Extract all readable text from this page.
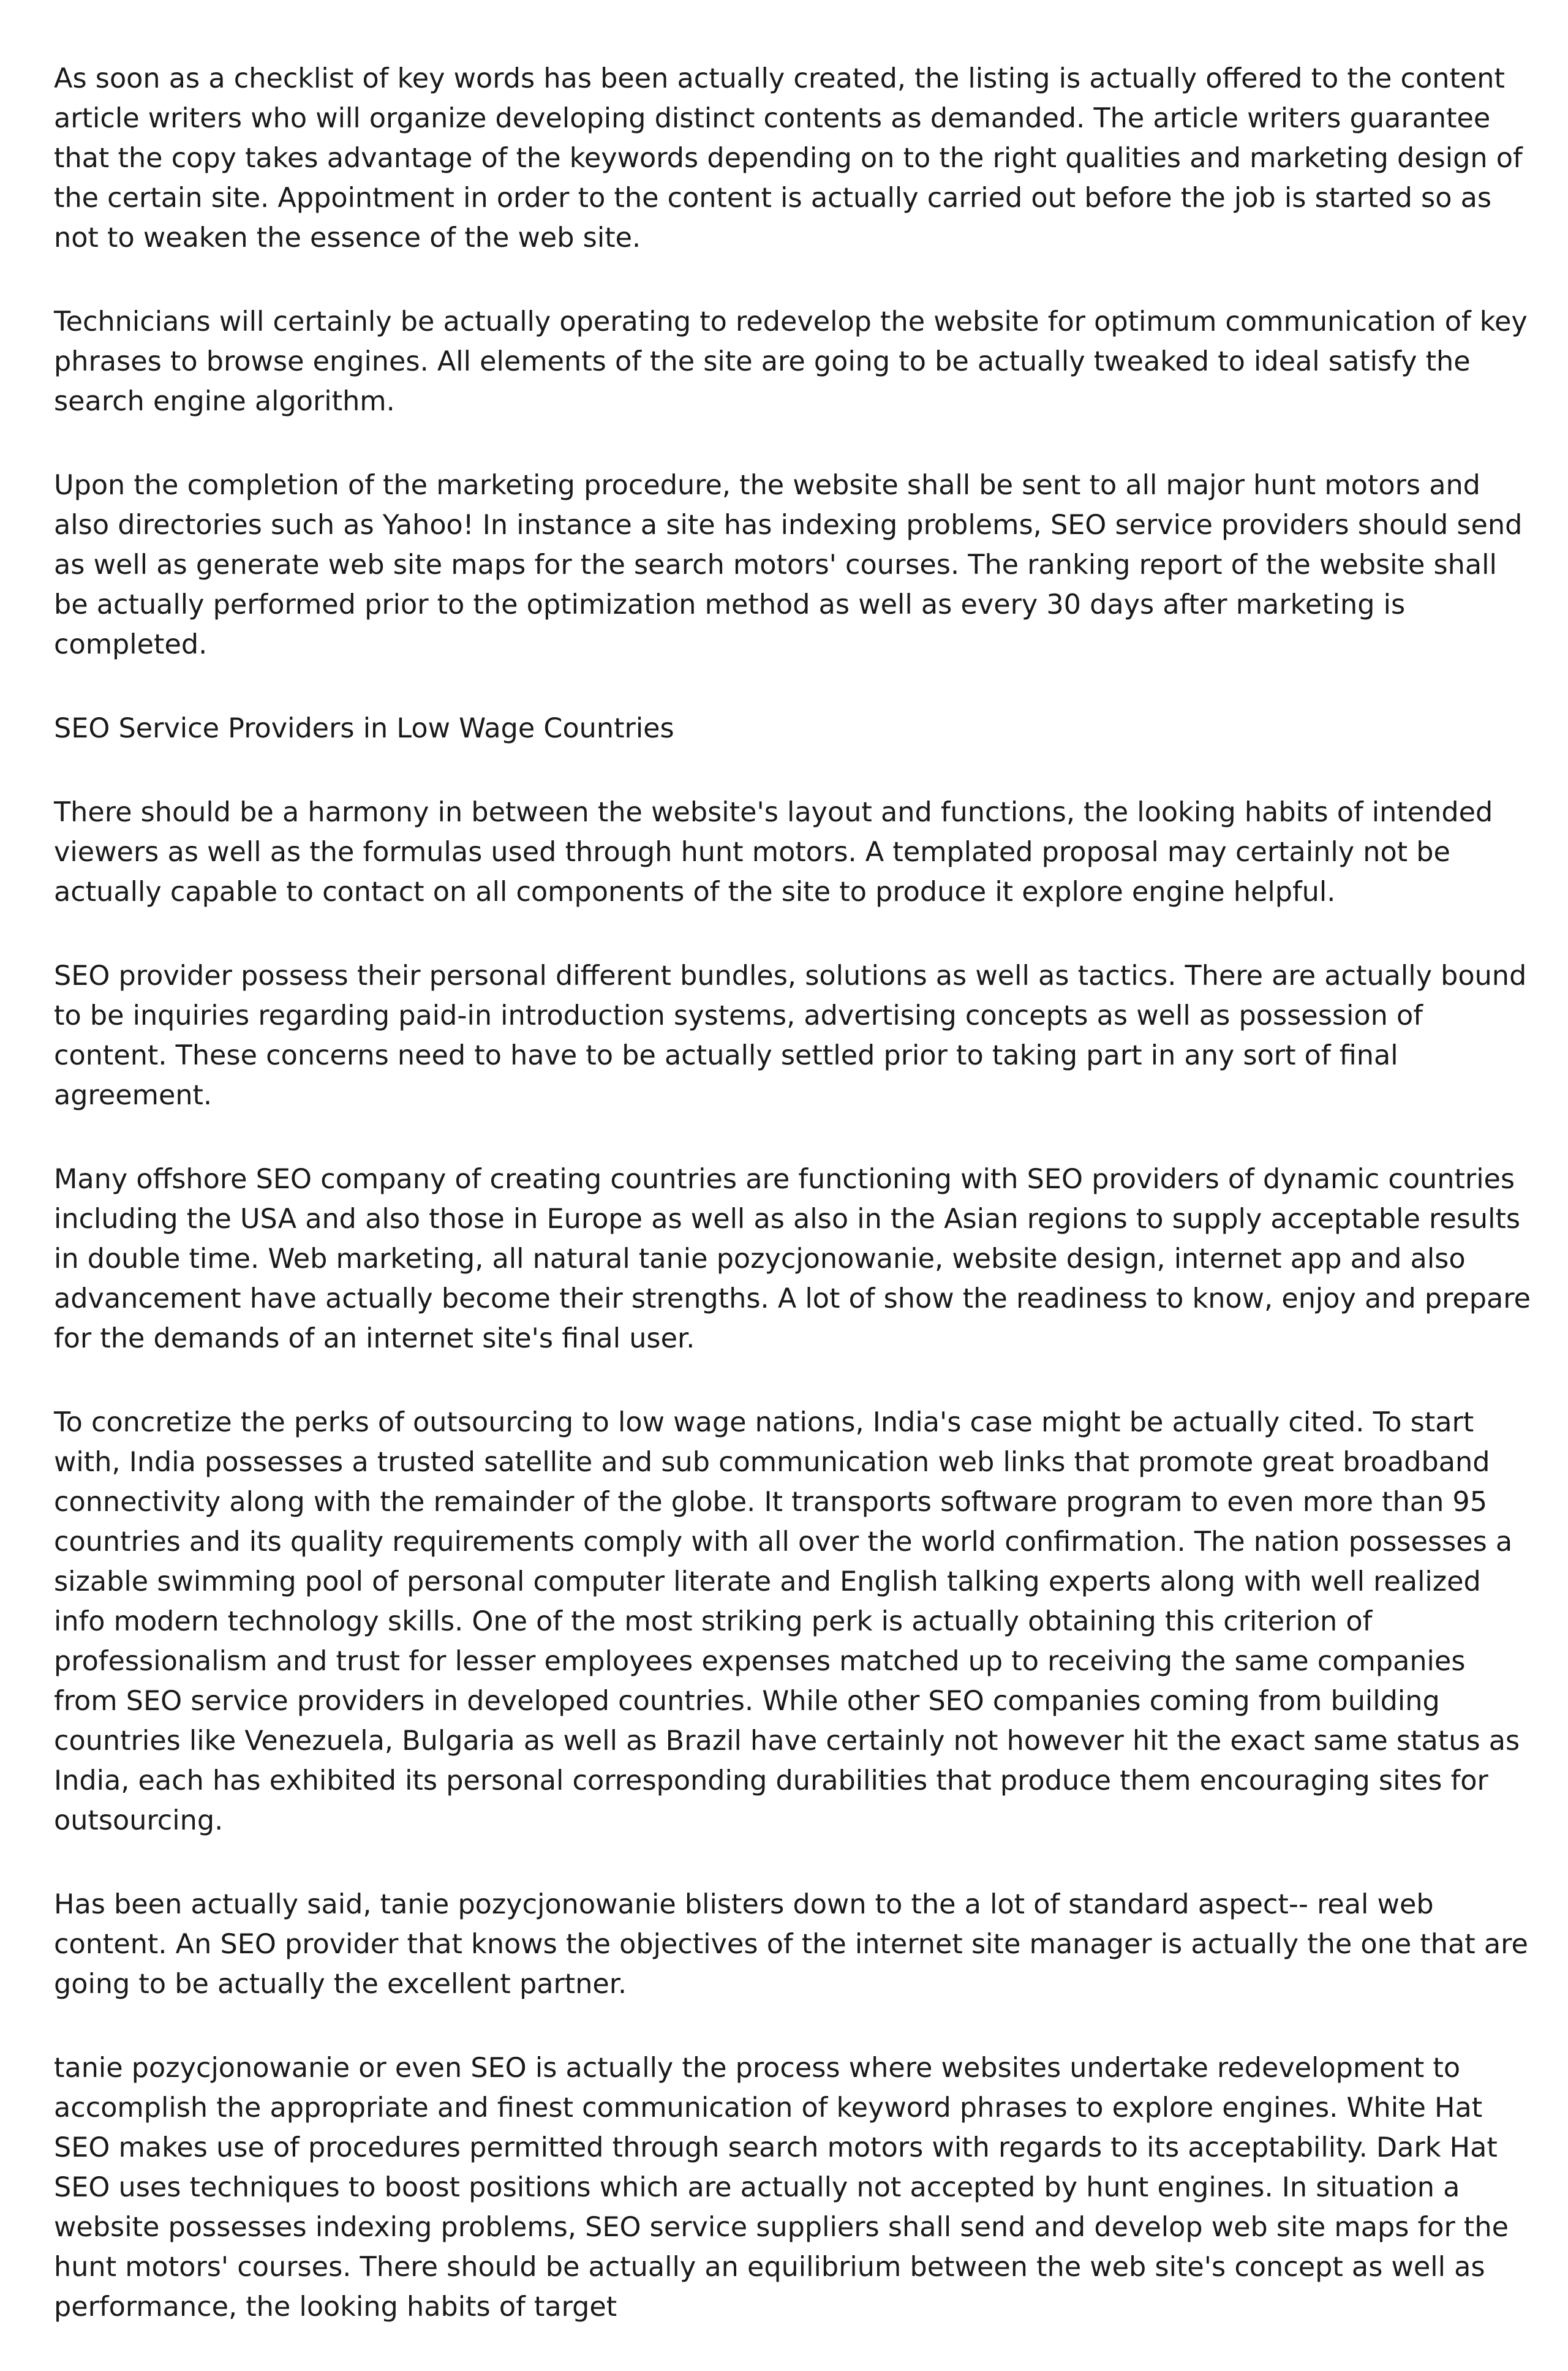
As soon as a checklist of key words has been actually created, the listing is actually offered to the content article writers who will organize developing distinct contents as demanded. The article writers guarantee that the copy takes advantage of the keywords depending on to the right qualities and marketing design of the certain site. Appointment in order to the content is actually carried out before the job is started so as not to weaken the essence of the web site.

Technicians will certainly be actually operating to redevelop the website for optimum communication of key phrases to browse engines. All elements of the site are going to be actually tweaked to ideal satisfy the search engine algorithm.

Upon the completion of the marketing procedure, the website shall be sent to all major hunt motors and also directories such as Yahoo! In instance a site has indexing problems, SEO service providers should send as well as generate web site maps for the search motors' courses. The ranking report of the website shall be actually performed prior to the optimization method as well as every 30 days after marketing is completed.

SEO Service Providers in Low Wage Countries

There should be a harmony in between the website's layout and functions, the looking habits of intended viewers as well as the formulas used through hunt motors. A templated proposal may certainly not be actually capable to contact on all components of the site to produce it explore engine helpful.

SEO provider possess their personal different bundles, solutions as well as tactics. There are actually bound to be inquiries regarding paid-in introduction systems, advertising concepts as well as possession of content. These concerns need to have to be actually settled prior to taking part in any sort of final agreement.

Many offshore SEO company of creating countries are functioning with SEO providers of dynamic countries including the USA and also those in Europe as well as also in the Asian regions to supply acceptable results in double time. Web marketing, all natural tanie pozycjonowanie, website design, internet app and also advancement have actually become their strengths. A lot of show the readiness to know, enjoy and prepare for the demands of an internet site's final user.

To concretize the perks of outsourcing to low wage nations, India's case might be actually cited. To start with, India possesses a trusted satellite and sub communication web links that promote great broadband connectivity along with the remainder of the globe. It transports software program to even more than 95 countries and its quality requirements comply with all over the world confirmation. The nation possesses a sizable swimming pool of personal computer literate and English talking experts along with well realized info modern technology skills. One of the most striking perk is actually obtaining this criterion of professionalism and trust for lesser employees expenses matched up to receiving the same companies from SEO service providers in developed countries. While other SEO companies coming from building countries like Venezuela, Bulgaria as well as Brazil have certainly not however hit the exact same status as India, each has exhibited its personal corresponding durabilities that produce them encouraging sites for outsourcing.

Has been actually said, tanie pozycjonowanie blisters down to the a lot of standard aspect-- real web content. An SEO provider that knows the objectives of the internet site manager is actually the one that are going to be actually the excellent partner.

tanie pozycjonowanie or even SEO is actually the process where websites undertake redevelopment to accomplish the appropriate and finest communication of keyword phrases to explore engines. White Hat SEO makes use of procedures permitted through search motors with regards to its acceptability. Dark Hat SEO uses techniques to boost positions which are actually not accepted by hunt engines. In situation a website possesses indexing problems, SEO service suppliers shall send and develop web site maps for the hunt motors' courses. There should be actually an equilibrium between the web site's concept as well as performance, the looking habits of target
